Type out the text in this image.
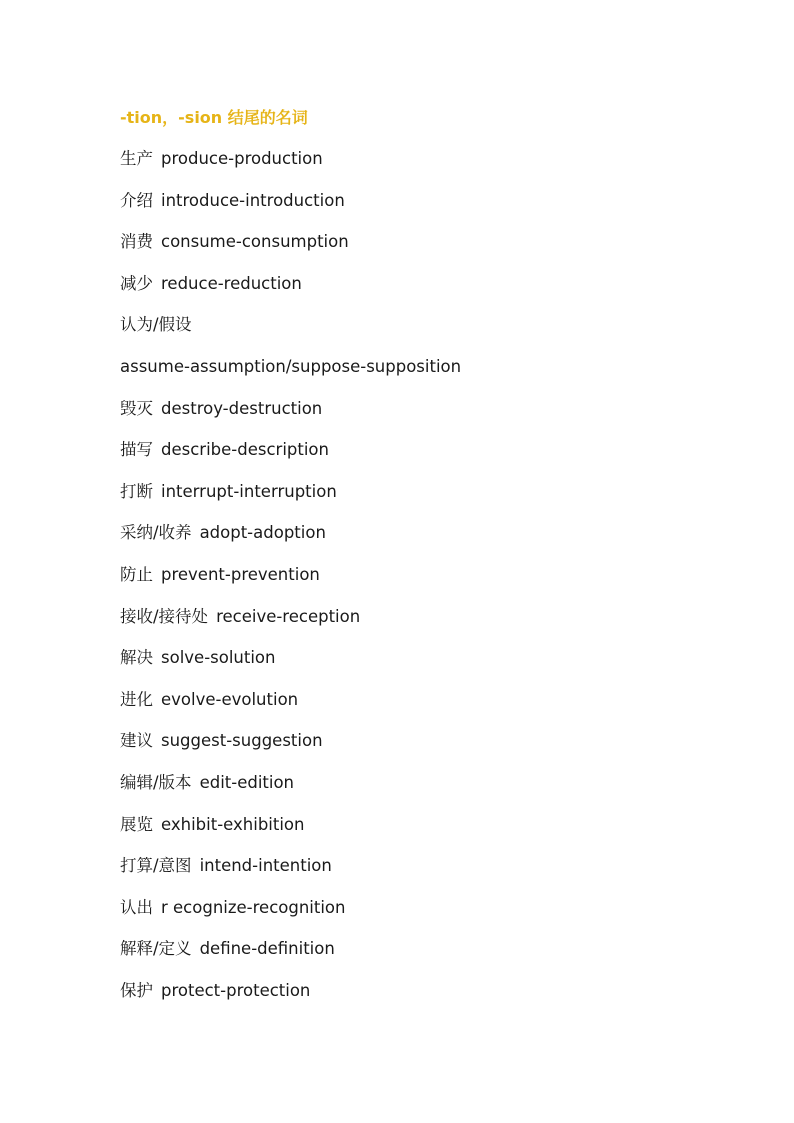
-tion，-sion 结尾的名词
生产 produce-production
介绍 introduce-introduction
消费 consume-consumption
减少 reduce-reduction
认为/假设
assume-assumption/suppose-supposition
毁灭 destroy-destruction
描写 describe-description
打断 interrupt-interruption
采纳/收养 adopt-adoption
防止 prevent-prevention
接收/接待处 receive-reception
解决 solve-solution
进化 evolve-evolution
建议 suggest-suggestion
编辑/版本 edit-edition
展览 exhibit-exhibition
打算/意图 intend-intention
认出 r ecognize-recognition
解释/定义 define-definition
保护 protect-protection
